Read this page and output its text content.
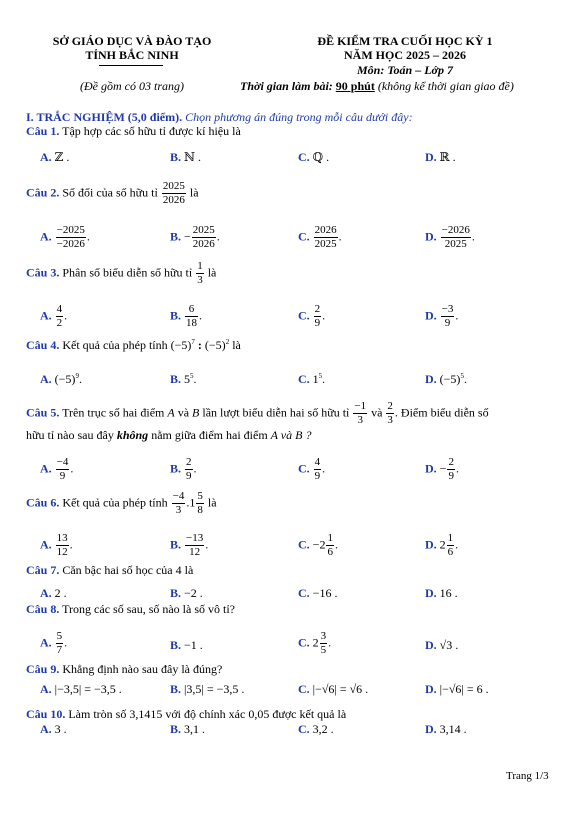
SỞ GIÁO DỤC VÀ ĐÀO TẠO
TỈNH BẮC NINH
(Đề gồm có 03 trang)
ĐỀ KIỂM TRA CUỐI HỌC KỲ 1
NĂM HỌC 2025 – 2026
Môn: Toán – Lớp 7
Thời gian làm bài: 90 phút (không kể thời gian giao đề)
I. TRẮC NGHIỆM (5,0 điểm). Chọn phương án đúng trong mỗi câu dưới đây:
Câu 1. Tập hợp các số hữu tỉ được kí hiệu là
A. ℤ .	B. ℕ .	C. ℚ .	D. ℝ .
Câu 2. Số đối của số hữu tỉ $\frac{2025}{2026}$ là
A. $\frac{-2025}{-2026}$ .	B. − $\frac{2025}{2026}$ .	C. $\frac{2026}{2025}$ .	D. $\frac{-2026}{2025}$ .
Câu 3. Phân số biểu diễn số hữu tỉ $\frac{1}{3}$ là
A. $\frac{4}{2}$ .	B. $\frac{6}{18}$ .	C. $\frac{2}{9}$ .	D. $\frac{-3}{9}$ .
Câu 4. Kết quả của phép tính $(-5)^7$ : $(-5)^2$ là
A. $(-5)^9$.	B. $5^5$.	C. $1^5$.	D. $(-5)^5$.
Câu 5. Trên trục số hai điểm A và B lần lượt biểu diễn hai số hữu tỉ $\frac{-1}{3}$ và $\frac{2}{3}$ . Điểm biểu diễn số
hữu tỉ nào sau đây không nằm giữa điểm hai điểm A và B ?
A. $\frac{-4}{9}$ .	B. $\frac{2}{9}$ .	C. $\frac{4}{9}$ .	D. − $\frac{2}{9}$ .
Câu 6. Kết quả của phép tính $\frac{-4}{3} .1 \frac{5}{8}$ là
A. $\frac{13}{12}$ .	B. $\frac{-13}{12}$ .	C. $-2 \frac{1}{6}$ .	D. $2 \frac{1}{6}$ .
Câu 7. Căn bậc hai số học của 4 là
A. 2 .	B. −2 .	C. −16 .	D. 16 .
Câu 8. Trong các số sau, số nào là số vô tỉ?
A. $\frac{5}{7}$ .	B. −1 .	C. $2 \frac{3}{5}$ .	D. √3 .
Câu 9. Khẳng định nào sau đây là đúng?
A. |−3,5| = −3,5 .	B. |3,5| = −3,5 .	C. |−√6| = √6 .	D. |−√6| = 6 .
Câu 10. Làm tròn số 3,1415 với độ chính xác 0,05 được kết quả là
A. 3 .	B. 3,1 .	C. 3,2 .	D. 3,14 .
Trang 1/3
